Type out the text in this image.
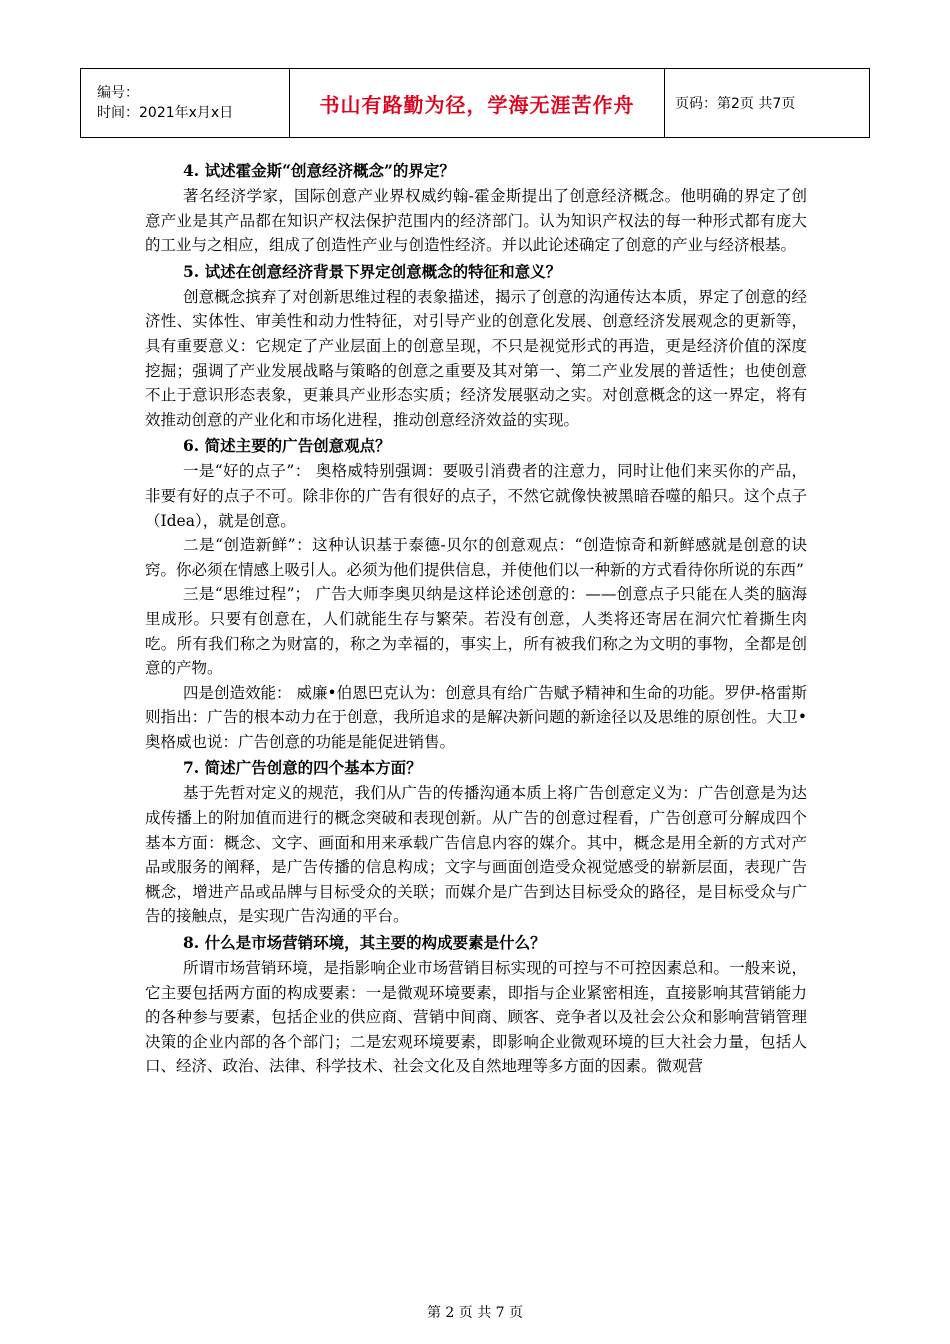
编号：
时间：2021年x月x日	书山有路勤为径，学海无涯苦作舟	页码：第2页 共7页

4. 试述霍金斯“创意经济概念”的界定？

著名经济学家，国际创意产业界权威约翰-霍金斯提出了创意经济概念。他明确的界定了创意产业是其产品都在知识产权法保护范围内的经济部门。认为知识产权法的每一种形式都有庞大的工业与之相应，组成了创造性产业与创造性经济。并以此论述确定了创意的产业与经济根基。

5. 试述在创意经济背景下界定创意概念的特征和意义？

创意概念摈弃了对创新思维过程的表象描述，揭示了创意的沟通传达本质，界定了创意的经济性、实体性、审美性和动力性特征，对引导产业的创意化发展、创意经济发展观念的更新等，具有重要意义：它规定了产业层面上的创意呈现，不只是视觉形式的再造，更是经济价值的深度挖掘；强调了产业发展战略与策略的创意之重要及其对第一、第二产业发展的普适性；也使创意不止于意识形态表象，更兼具产业形态实质；经济发展驱动之实。对创意概念的这一界定，将有效推动创意的产业化和市场化进程，推动创意经济效益的实现。

6. 简述主要的广告创意观点？

一是“好的点子”： 奥格威特别强调：要吸引消费者的注意力，同时让他们来买你的产品，非要有好的点子不可。除非你的广告有很好的点子，不然它就像快被黑暗吞噬的船只。这个点子（Idea），就是创意。

二是“创造新鲜”：这种认识基于泰德-贝尔的创意观点：“创造惊奇和新鲜感就是创意的诀窍。你必须在情感上吸引人。必须为他们提供信息，并使他们以一种新的方式看待你所说的东西”

三是“思维过程”； 广告大师李奥贝纳是这样论述创意的：——创意点子只能在人类的脑海里成形。只要有创意在，人们就能生存与繁荣。若没有创意，人类将还寄居在洞穴忙着撕生肉吃。所有我们称之为财富的，称之为幸福的，事实上，所有被我们称之为文明的事物，全都是创意的产物。

四是创造效能： 威廉•伯恩巴克认为：创意具有给广告赋予精神和生命的功能。罗伊-格雷斯则指出：广告的根本动力在于创意，我所追求的是解决新问题的新途径以及思维的原创性。大卫•奥格威也说：广告创意的功能是能促进销售。

7. 简述广告创意的四个基本方面？

基于先哲对定义的规范，我们从广告的传播沟通本质上将广告创意定义为：广告创意是为达成传播上的附加值而进行的概念突破和表现创新。从广告的创意过程看，广告创意可分解成四个基本方面：概念、文字、画面和用来承载广告信息内容的媒介。其中，概念是用全新的方式对产品或服务的阐释，是广告传播的信息构成；文字与画面创造受众视觉感受的崭新层面，表现广告概念，增进产品或品牌与目标受众的关联；而媒介是广告到达目标受众的路径，是目标受众与广告的接触点，是实现广告沟通的平台。

8. 什么是市场营销环境，其主要的构成要素是什么？

所谓市场营销环境，是指影响企业市场营销目标实现的可控与不可控因素总和。一般来说，它主要包括两方面的构成要素：一是微观环境要素，即指与企业紧密相连，直接影响其营销能力的各种参与要素，包括企业的供应商、营销中间商、顾客、竞争者以及社会公众和影响营销管理决策的企业内部的各个部门；二是宏观环境要素，即影响企业微观环境的巨大社会力量，包括人口、经济、政治、法律、科学技术、社会文化及自然地理等多方面的因素。微观营

第 2 页 共 7 页
